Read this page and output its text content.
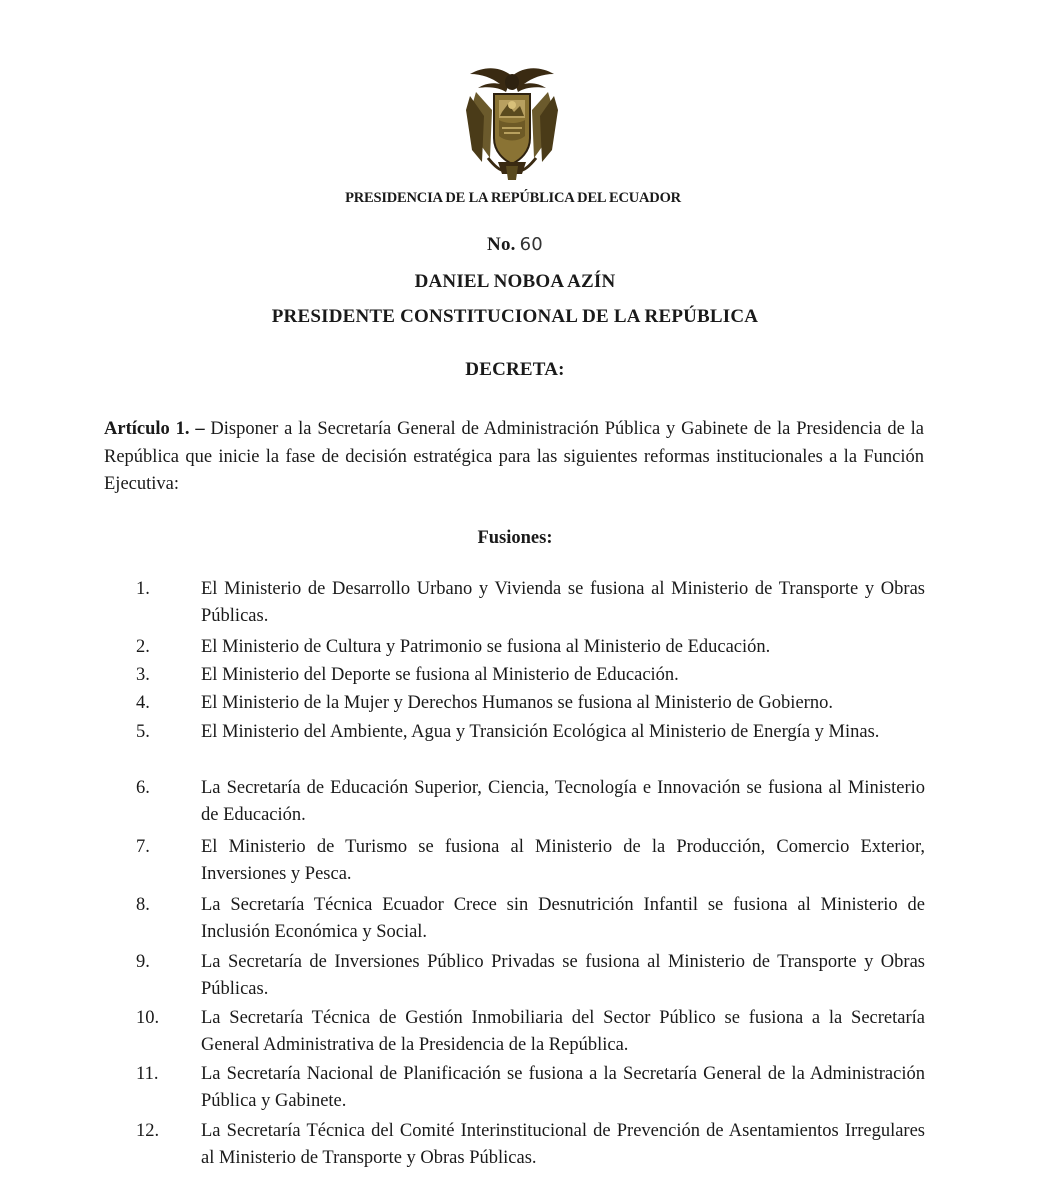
PRESIDENCIA DE LA REPÚBLICA DEL ECUADOR
No. 60
DANIEL NOBOA AZÍN
PRESIDENTE CONSTITUCIONAL DE LA REPÚBLICA
DECRETA:
Artículo 1. – Disponer a la Secretaría General de Administración Pública y Gabinete de la Presidencia de la República que inicie la fase de decisión estratégica para las siguientes reformas institucionales a la Función Ejecutiva:
Fusiones:
1.	El Ministerio de Desarrollo Urbano y Vivienda se fusiona al Ministerio de Transporte y Obras Públicas.
2.	El Ministerio de Cultura y Patrimonio se fusiona al Ministerio de Educación.
3.	El Ministerio del Deporte se fusiona al Ministerio de Educación.
4.	El Ministerio de la Mujer y Derechos Humanos se fusiona al Ministerio de Gobierno.
5.	El Ministerio del Ambiente, Agua y Transición Ecológica al Ministerio de Energía y Minas.
6.	La Secretaría de Educación Superior, Ciencia, Tecnología e Innovación se fusiona al Ministerio de Educación.
7.	El Ministerio de Turismo se fusiona al Ministerio de la Producción, Comercio Exterior, Inversiones y Pesca.
8.	La Secretaría Técnica Ecuador Crece sin Desnutrición Infantil se fusiona al Ministerio de Inclusión Económica y Social.
9.	La Secretaría de Inversiones Público Privadas se fusiona al Ministerio de Transporte y Obras Públicas.
10.	La Secretaría Técnica de Gestión Inmobiliaria del Sector Público se fusiona a la Secretaría General Administrativa de la Presidencia de la República.
11.	La Secretaría Nacional de Planificación se fusiona a la Secretaría General de la Administración Pública y Gabinete.
12.	La Secretaría Técnica del Comité Interinstitucional de Prevención de Asentamientos Irregulares al Ministerio de Transporte y Obras Públicas.
